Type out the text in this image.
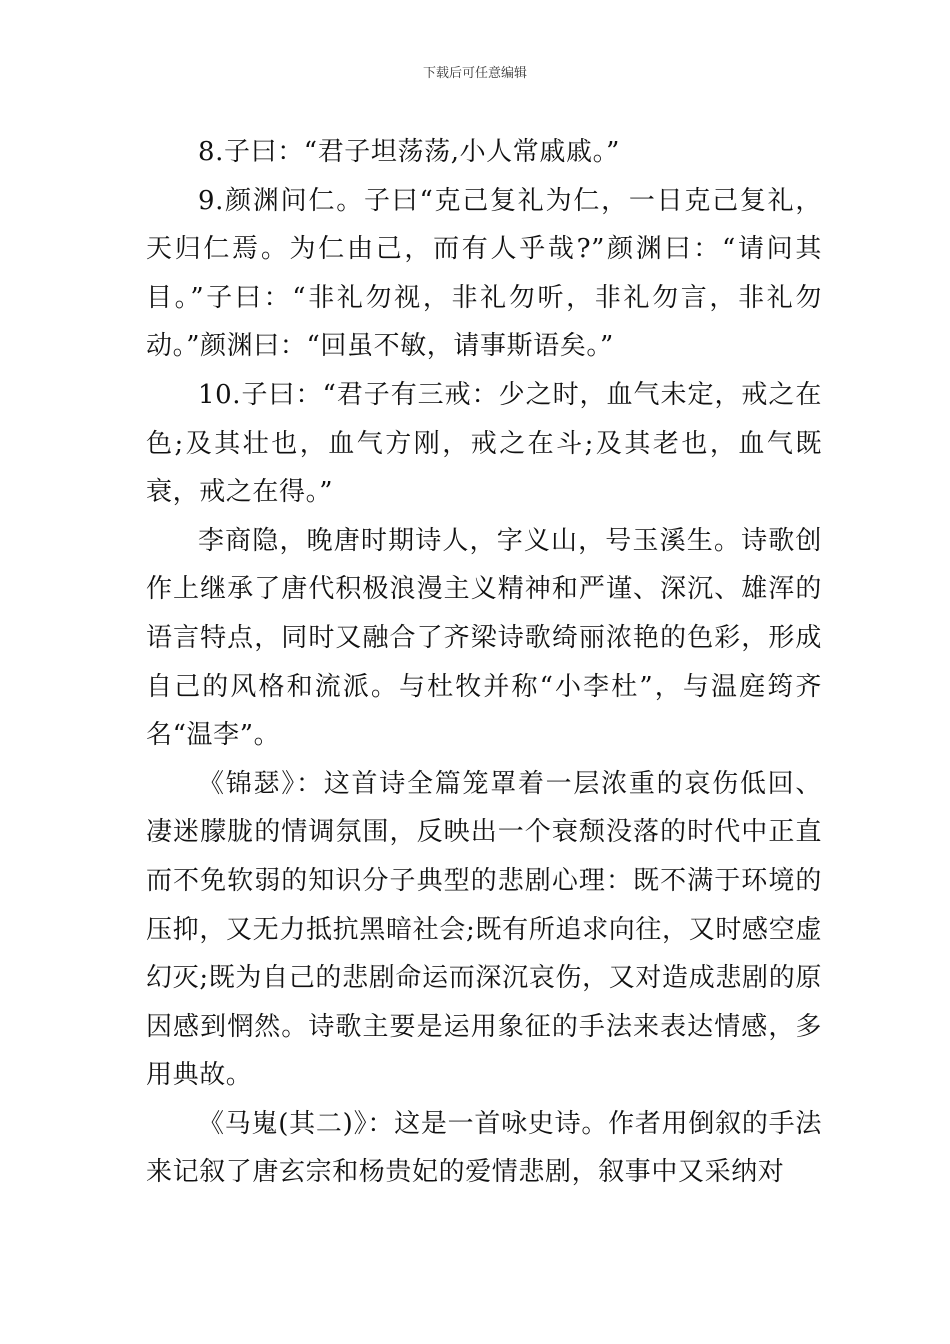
下载后可任意编辑

8.子曰：“君子坦荡荡,小人常戚戚。”

9.颜渊问仁。子曰“克己复礼为仁，一日克己复礼，天归仁焉。为仁由己，而有人乎哉?”颜渊曰：“请问其目。”子曰：“非礼勿视，非礼勿听，非礼勿言，非礼勿动。”颜渊曰：“回虽不敏，请事斯语矣。”

10.子曰：“君子有三戒：少之时，血气未定，戒之在色;及其壮也，血气方刚，戒之在斗;及其老也，血气既衰，戒之在得。”

李商隐，晚唐时期诗人，字义山，号玉溪生。诗歌创作上继承了唐代积极浪漫主义精神和严谨、深沉、雄浑的语言特点，同时又融合了齐梁诗歌绮丽浓艳的色彩，形成自己的风格和流派。与杜牧并称“小李杜”，与温庭筠齐名“温李”。

《锦瑟》：这首诗全篇笼罩着一层浓重的哀伤低回、凄迷朦胧的情调氛围，反映出一个衰颓没落的时代中正直而不免软弱的知识分子典型的悲剧心理：既不满于环境的压抑，又无力抵抗黑暗社会;既有所追求向往，又时感空虚幻灭;既为自己的悲剧命运而深沉哀伤，又对造成悲剧的原因感到惘然。诗歌主要是运用象征的手法来表达情感，多用典故。

《马嵬(其二)》：这是一首咏史诗。作者用倒叙的手法来记叙了唐玄宗和杨贵妃的爱情悲剧，叙事中又采纳对
